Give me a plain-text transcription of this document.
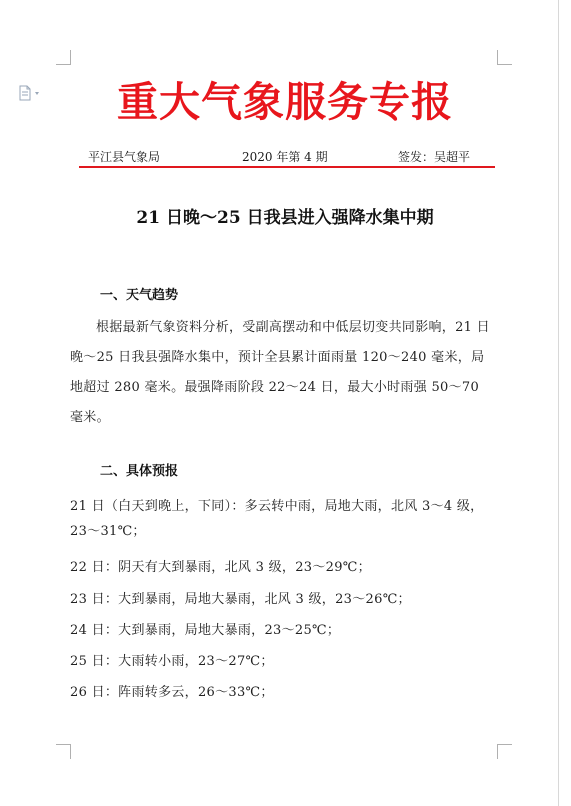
重大气象服务专报
平江县气象局	2020 年第 4 期	签发：吴超平
21 日晚～25 日我县进入强降水集中期
一、天气趋势
根据最新气象资料分析，受副高摆动和中低层切变共同影响，21 日晚～25 日我县强降水集中，预计全县累计面雨量 120～240 毫米，局地超过 280 毫米。最强降雨阶段 22～24 日，最大小时雨强 50～70 毫米。
二、具体预报
21 日（白天到晚上，下同）：多云转中雨，局地大雨，北风 3～4 级，23～31℃；
22 日：阴天有大到暴雨，北风 3 级，23～29℃；
23 日：大到暴雨，局地大暴雨，北风 3 级，23～26℃；
24 日：大到暴雨，局地大暴雨，23～25℃；
25 日：大雨转小雨，23～27℃；
26 日：阵雨转多云，26～33℃；
